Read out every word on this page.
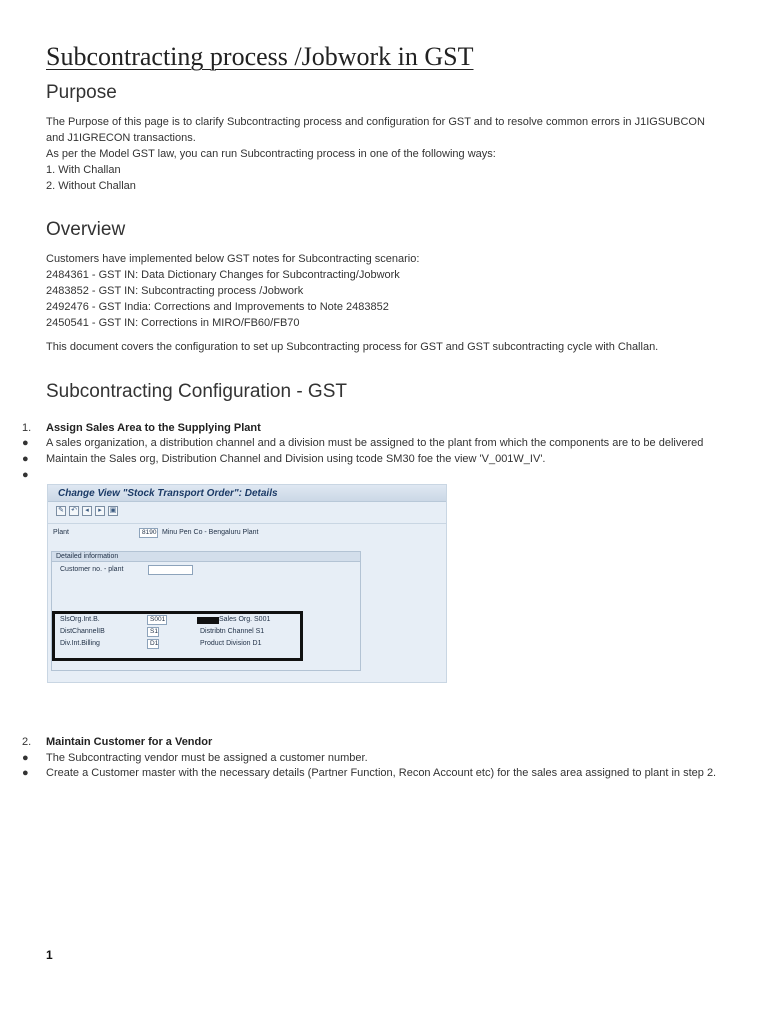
Subcontracting process /Jobwork in GST
Purpose
The Purpose of this page is to clarify Subcontracting process and configuration for GST and to resolve common errors in J1IGSUBCON
and J1IGRECON transactions.
As per the Model GST law, you can run Subcontracting process in one of the following ways:
1. With Challan
2. Without Challan
Overview
Customers have implemented below GST notes for Subcontracting scenario:
2484361 - GST IN: Data Dictionary Changes for Subcontracting/Jobwork
2483852 - GST IN: Subcontracting process /Jobwork
2492476 - GST India: Corrections and Improvements to Note 2483852
2450541 - GST IN: Corrections in MIRO/FB60/FB70
This document covers the configuration to set up Subcontracting process for GST and GST subcontracting cycle with Challan.
Subcontracting Configuration - GST
1. Assign Sales Area to the Supplying Plant
● A sales organization, a distribution channel and a division must be assigned to the plant from which the components are to be delivered
● Maintain the Sales org, Distribution Channel and Division using tcode SM30 foe the view 'V_001W_IV'.
●
Change View "Stock Transport Order": Details
✎ ↶	◂	▸	▣
Plant	8190 Minu Pen Co - Bengaluru Plant
Detailed information
Customer no. - plant
SlsOrg.Int.B.	S001	Sales Org. S001
DistChannelIB	S1	Distribtn Channel S1
Div.Int.Billing	D1	Product Division D1
2. Maintain Customer for a Vendor
● The Subcontracting vendor must be assigned a customer number.
● Create a Customer master with the necessary details (Partner Function, Recon Account etc) for the sales area assigned to plant in step 2.
1
